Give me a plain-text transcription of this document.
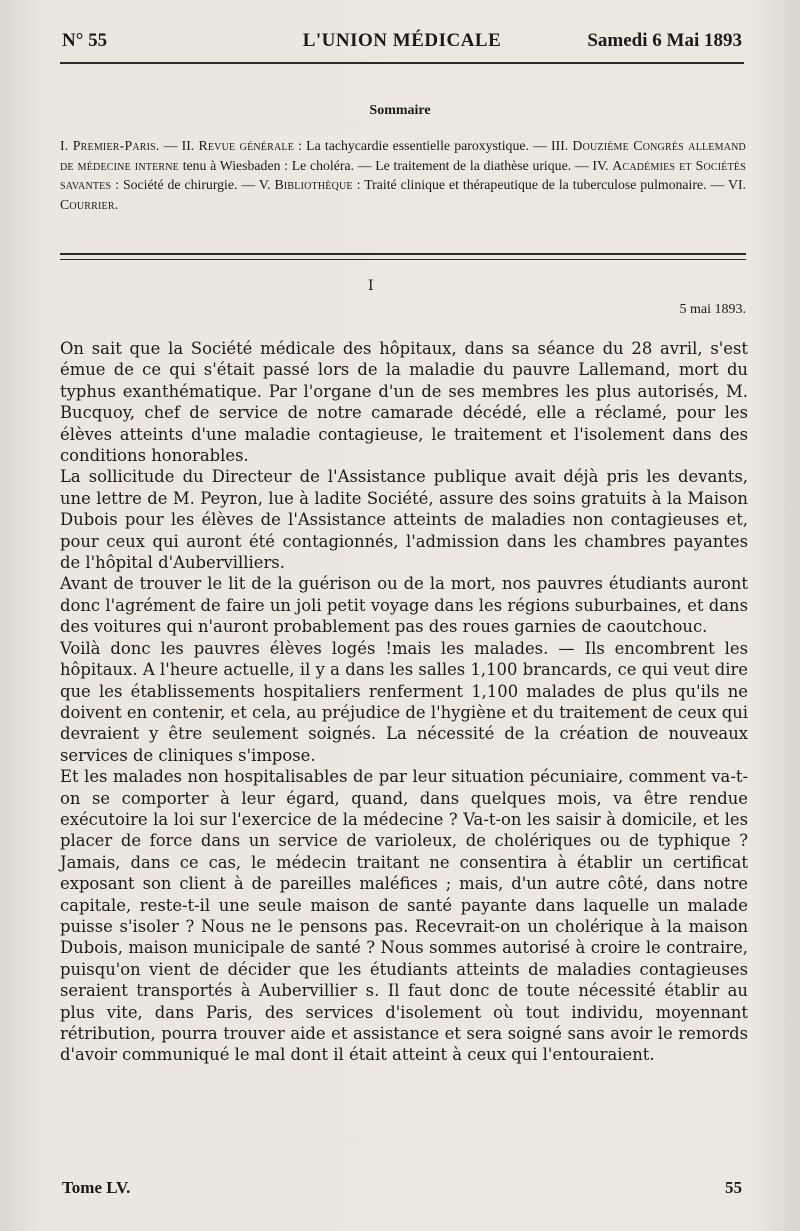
N° 55	L'UNION MÉDICALE	Samedi 6 Mai 1893
Sommaire
I. Premier-Paris. — II. Revue générale : La tachycardie essentielle paroxystique. — III. Douzième Congrès allemand de médecine interne tenu à Wiesbaden : Le choléra. — Le traitement de la diathèse urique. — IV. Académies et Sociétés savantes : Société de chirurgie. — V. Bibliothèque : Traité clinique et thérapeutique de la tuberculose pulmonaire. — VI. Courrier.
I
5 mai 1893.

On sait que la Société médicale des hôpitaux, dans sa séance du 28 avril, s'est émue de ce qui s'était passé lors de la maladie du pauvre Lallemand, mort du typhus exanthématique. Par l'organe d'un de ses membres les plus autorisés, M. Bucquoy, chef de service de notre camarade décédé, elle a réclamé, pour les élèves atteints d'une maladie contagieuse, le traitement et l'isolement dans des conditions honorables.

La sollicitude du Directeur de l'Assistance publique avait déjà pris les devants, une lettre de M. Peyron, lue à ladite Société, assure des soins gratuits à la Maison Dubois pour les élèves de l'Assistance atteints de maladies non contagieuses et, pour ceux qui auront été contagionnés, l'admission dans les chambres payantes de l'hôpital d'Aubervilliers.

Avant de trouver le lit de la guérison ou de la mort, nos pauvres étudiants auront donc l'agrément de faire un joli petit voyage dans les régions suburbaines, et dans des voitures qui n'auront probablement pas des roues garnies de caoutchouc.

Voilà donc les pauvres élèves logés !mais les malades. — Ils encombrent les hôpitaux. A l'heure actuelle, il y a dans les salles 1,100 brancards, ce qui veut dire que les établissements hospitaliers renferment 1,100 malades de plus qu'ils ne doivent en contenir, et cela, au préjudice de l'hygiène et du traitement de ceux qui devraient y être seulement soignés. La nécessité de la création de nouveaux services de cliniques s'impose.

Et les malades non hospitalisables de par leur situation pécuniaire, comment va-t-on se comporter à leur égard, quand, dans quelques mois, va être rendue exécutoire la loi sur l'exercice de la médecine ? Va-t-on les saisir à domicile, et les placer de force dans un service de varioleux, de cholériques ou de typhique ? Jamais, dans ce cas, le médecin traitant ne consentira à établir un certificat exposant son client à de pareilles maléfices ; mais, d'un autre côté, dans notre capitale, reste-t-il une seule maison de santé payante dans laquelle un malade puisse s'isoler ? Nous ne le pensons pas. Recevrait-on un cholérique à la maison Dubois, maison municipale de santé ? Nous sommes autorisé à croire le contraire, puisqu'on vient de décider que les étudiants atteints de maladies contagieuses seraient transportés à Aubervillier s. Il faut donc de toute nécessité établir au plus vite, dans Paris, des services d'isolement où tout individu, moyennant rétribution, pourra trouver aide et assistance et sera soigné sans avoir le remords d'avoir communiqué le mal dont il était atteint à ceux qui l'entouraient.

Tome LV.	55
